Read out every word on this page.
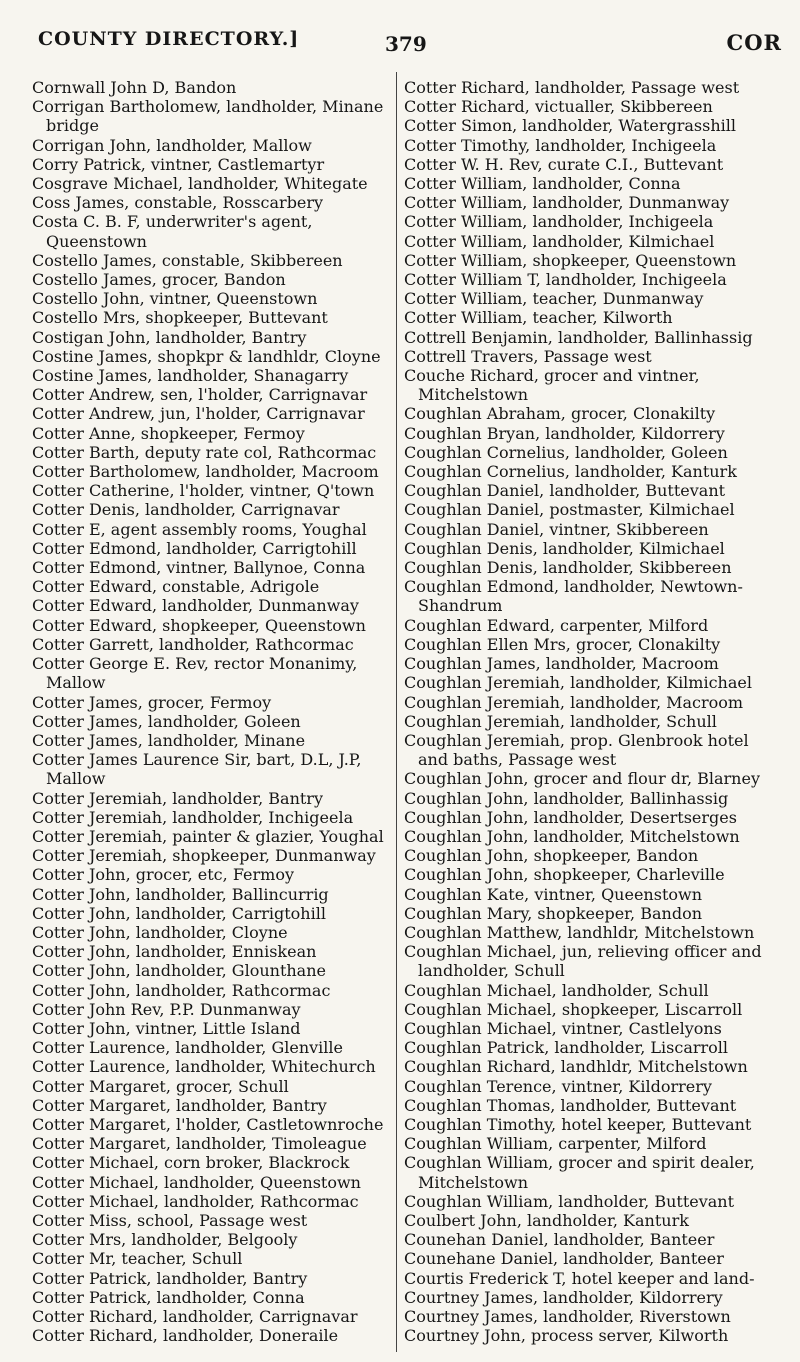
COUNTY DIRECTORY.]	379	COR

Cornwall John D, Bandon

Corrigan Bartholomew, landholder, Minane bridge

Corrigan John, landholder, Mallow

Corry Patrick, vintner, Castlemartyr

Cosgrave Michael, landholder, Whitegate

Coss James, constable, Rosscarbery

Costa C. B. F, underwriter's agent, Queenstown

Costello James, constable, Skibbereen

Costello James, grocer, Bandon

Costello John, vintner, Queenstown

Costello Mrs, shopkeeper, Buttevant

Costigan John, landholder, Bantry

Costine James, shopkpr & landhldr, Cloyne

Costine James, landholder, Shanagarry

Cotter Andrew, sen, l'holder, Carrignavar

Cotter Andrew, jun, l'holder, Carrignavar

Cotter Anne, shopkeeper, Fermoy

Cotter Barth, deputy rate col, Rathcormac

Cotter Bartholomew, landholder, Macroom

Cotter Catherine, l'holder, vintner, Q'town

Cotter Denis, landholder, Carrignavar

Cotter E, agent assembly rooms, Youghal

Cotter Edmond, landholder, Carrigtohill

Cotter Edmond, vintner, Ballynoe, Conna

Cotter Edward, constable, Adrigole

Cotter Edward, landholder, Dunmanway

Cotter Edward, shopkeeper, Queenstown

Cotter Garrett, landholder, Rathcormac

Cotter George E. Rev, rector Monanimy, Mallow

Cotter James, grocer, Fermoy

Cotter James, landholder, Goleen

Cotter James, landholder, Minane

Cotter James Laurence Sir, bart, D.L, J.P, Mallow

Cotter Jeremiah, landholder, Bantry

Cotter Jeremiah, landholder, Inchigeela

Cotter Jeremiah, painter & glazier, Youghal

Cotter Jeremiah, shopkeeper, Dunmanway

Cotter John, grocer, etc, Fermoy

Cotter John, landholder, Ballincurrig

Cotter John, landholder, Carrigtohill

Cotter John, landholder, Cloyne

Cotter John, landholder, Enniskean

Cotter John, landholder, Glounthane

Cotter John, landholder, Rathcormac

Cotter John Rev, P.P. Dunmanway

Cotter John, vintner, Little Island

Cotter Laurence, landholder, Glenville

Cotter Laurence, landholder, Whitechurch

Cotter Margaret, grocer, Schull

Cotter Margaret, landholder, Bantry

Cotter Margaret, l'holder, Castletownroche

Cotter Margaret, landholder, Timoleague

Cotter Michael, corn broker, Blackrock

Cotter Michael, landholder, Queenstown

Cotter Michael, landholder, Rathcormac

Cotter Miss, school, Passage west

Cotter Mrs, landholder, Belgooly

Cotter Mr, teacher, Schull

Cotter Patrick, landholder, Bantry

Cotter Patrick, landholder, Conna

Cotter Richard, landholder, Carrignavar

Cotter Richard, landholder, Doneraile

Cotter Richard, landholder, Passage west

Cotter Richard, victualler, Skibbereen

Cotter Simon, landholder, Watergrasshill

Cotter Timothy, landholder, Inchigeela

Cotter W. H. Rev, curate C.I., Buttevant

Cotter William, landholder, Conna

Cotter William, landholder, Dunmanway

Cotter William, landholder, Inchigeela

Cotter William, landholder, Kilmichael

Cotter William, shopkeeper, Queenstown

Cotter William T, landholder, Inchigeela

Cotter William, teacher, Dunmanway

Cotter William, teacher, Kilworth

Cottrell Benjamin, landholder, Ballinhassig

Cottrell Travers, Passage west

Couche Richard, grocer and vintner, Mitchelstown

Coughlan Abraham, grocer, Clonakilty

Coughlan Bryan, landholder, Kildorrery

Coughlan Cornelius, landholder, Goleen

Coughlan Cornelius, landholder, Kanturk

Coughlan Daniel, landholder, Buttevant

Coughlan Daniel, postmaster, Kilmichael

Coughlan Daniel, vintner, Skibbereen

Coughlan Denis, landholder, Kilmichael

Coughlan Denis, landholder, Skibbereen

Coughlan Edmond, landholder, Newtown-Shandrum

Coughlan Edward, carpenter, Milford

Coughlan Ellen Mrs, grocer, Clonakilty

Coughlan James, landholder, Macroom

Coughlan Jeremiah, landholder, Kilmichael

Coughlan Jeremiah, landholder, Macroom

Coughlan Jeremiah, landholder, Schull

Coughlan Jeremiah, prop. Glenbrook hotel and baths, Passage west

Coughlan John, grocer and flour dr, Blarney

Coughlan John, landholder, Ballinhassig

Coughlan John, landholder, Desertserges

Coughlan John, landholder, Mitchelstown

Coughlan John, shopkeeper, Bandon

Coughlan John, shopkeeper, Charleville

Coughlan Kate, vintner, Queenstown

Coughlan Mary, shopkeeper, Bandon

Coughlan Matthew, landhldr, Mitchelstown

Coughlan Michael, jun, relieving officer and landholder, Schull

Coughlan Michael, landholder, Schull

Coughlan Michael, shopkeeper, Liscarroll

Coughlan Michael, vintner, Castlelyons

Coughlan Patrick, landholder, Liscarroll

Coughlan Richard, landhldr, Mitchelstown

Coughlan Terence, vintner, Kildorrery

Coughlan Thomas, landholder, Buttevant

Coughlan Timothy, hotel keeper, Buttevant

Coughlan William, carpenter, Milford

Coughlan William, grocer and spirit dealer, Mitchelstown

Coughlan William, landholder, Buttevant

Coulbert John, landholder, Kanturk

Counehan Daniel, landholder, Banteer

Counehane Daniel, landholder, Banteer

Courtis Frederick T, hotel keeper and land-

Courtney James, landholder, Kildorrery

Courtney James, landholder, Riverstown

Courtney John, process server, Kilworth
